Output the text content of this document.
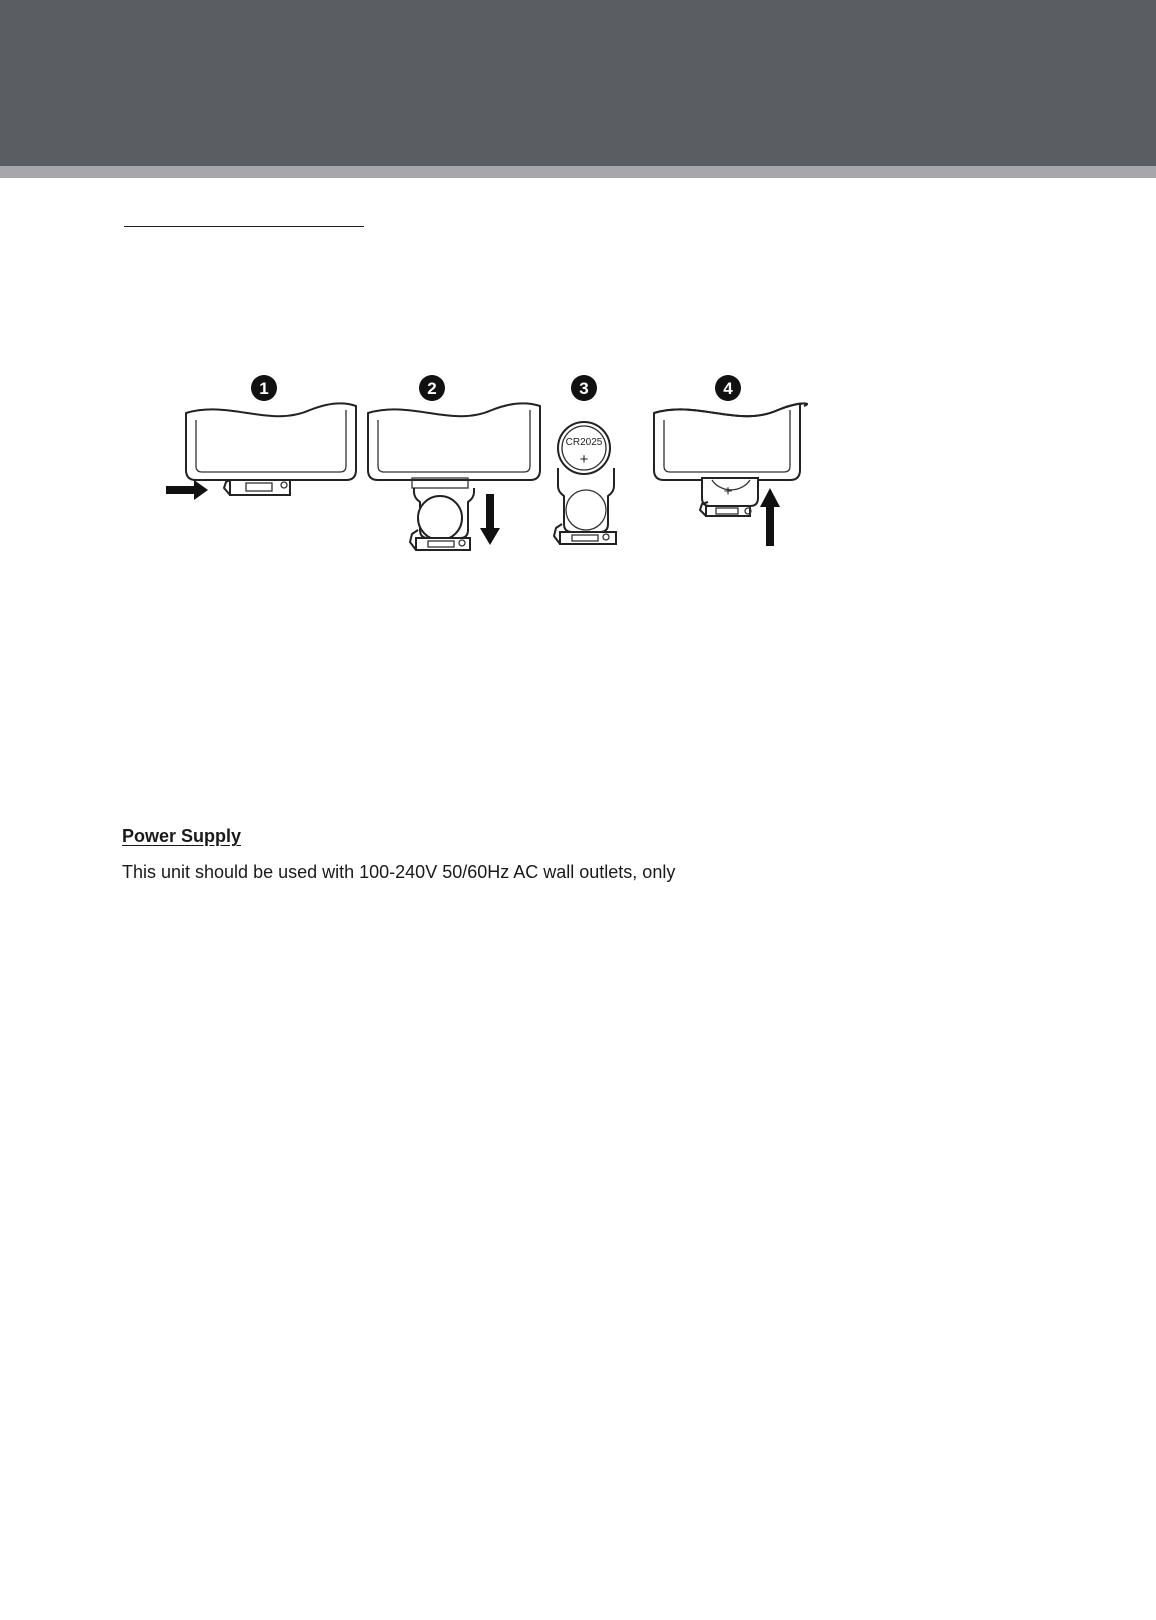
1	2	3
CR2025
+
4
+

Power Supply

This unit should be used with 100-240V 50/60Hz AC wall outlets, only
